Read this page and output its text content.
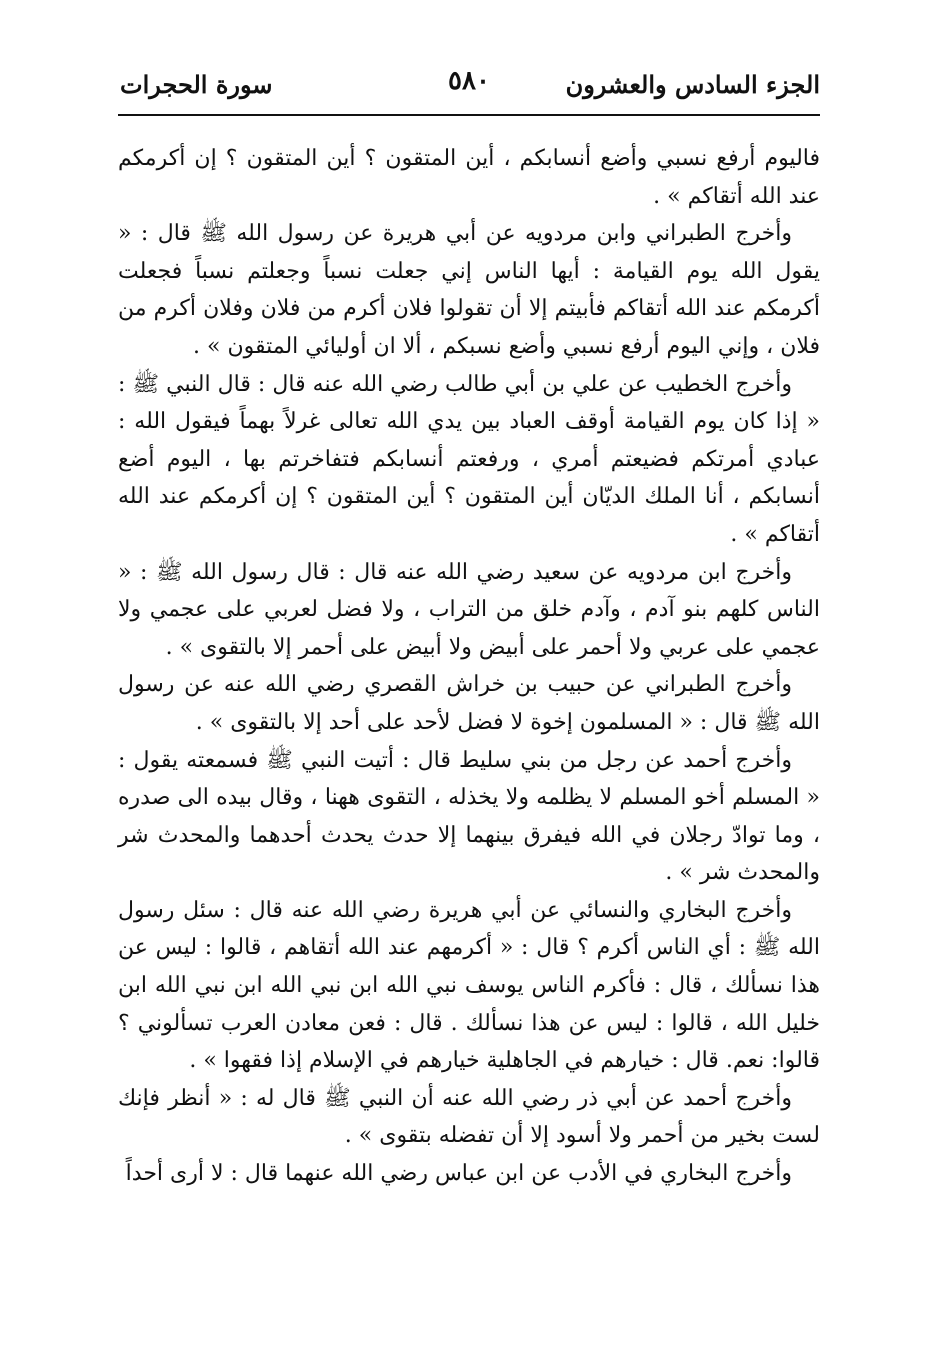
الجزء السادس والعشرون
٥٨٠
سورة الحجرات

فاليوم أرفع نسبي وأضع أنسابكم ، أين المتقون ؟ أين المتقون ؟ إن أكرمكم عند الله أتقاكم » .

وأخرج الطبراني وابن مردويه عن أبي هريرة عن رسول الله ﷺ قال : « يقول الله يوم القيامة : أيها الناس إني جعلت نسباً وجعلتم نسباً فجعلت أكرمكم عند الله أتقاكم فأبيتم إلا أن تقولوا فلان أكرم من فلان وفلان أكرم من فلان ، وإني اليوم أرفع نسبي وأضع نسبكم ، ألا ان أوليائي المتقون » .

وأخرج الخطيب عن علي بن أبي طالب رضي الله عنه قال : قال النبي ﷺ : « إذا كان يوم القيامة أوقف العباد بين يدي الله تعالى غرلاً بهماً فيقول الله : عبادي أمرتكم فضيعتم أمري ، ورفعتم أنسابكم فتفاخرتم بها ، اليوم أضع أنسابكم ، أنا الملك الديّان أين المتقون ؟ أين المتقون ؟ إن أكرمكم عند الله أتقاكم » .

وأخرج ابن مردويه عن سعيد رضي الله عنه قال : قال رسول الله ﷺ : « الناس كلهم بنو آدم ، وآدم خلق من التراب ، ولا فضل لعربي على عجمي ولا عجمي على عربي ولا أحمر على أبيض ولا أبيض على أحمر إلا بالتقوى » .

وأخرج الطبراني عن حبيب بن خراش القصري رضي الله عنه عن رسول الله ﷺ قال : « المسلمون إخوة لا فضل لأحد على أحد إلا بالتقوى » .

وأخرج أحمد عن رجل من بني سليط قال : أتيت النبي ﷺ فسمعته يقول : « المسلم أخو المسلم لا يظلمه ولا يخذله ، التقوى ههنا ، وقال بيده الى صدره ، وما توادّ رجلان في الله فيفرق بينهما إلا حدث يحدث أحدهما والمحدث شر والمحدث شر » .

وأخرج البخاري والنسائي عن أبي هريرة رضي الله عنه قال : سئل رسول الله ﷺ : أي الناس أكرم ؟ قال : « أكرمهم عند الله أتقاهم ، قالوا : ليس عن هذا نسألك ، قال : فأكرم الناس يوسف نبي الله ابن نبي الله ابن نبي الله ابن خليل الله ، قالوا : ليس عن هذا نسألك . قال : فعن معادن العرب تسألوني ؟ قالوا: نعم. قال : خيارهم في الجاهلية خيارهم في الإسلام إذا فقهوا » .

وأخرج أحمد عن أبي ذر رضي الله عنه أن النبي ﷺ قال له : « أنظر فإنك لست بخير من أحمر ولا أسود إلا أن تفضله بتقوى » .

وأخرج البخاري في الأدب عن ابن عباس رضي الله عنهما قال : لا أرى أحداً
